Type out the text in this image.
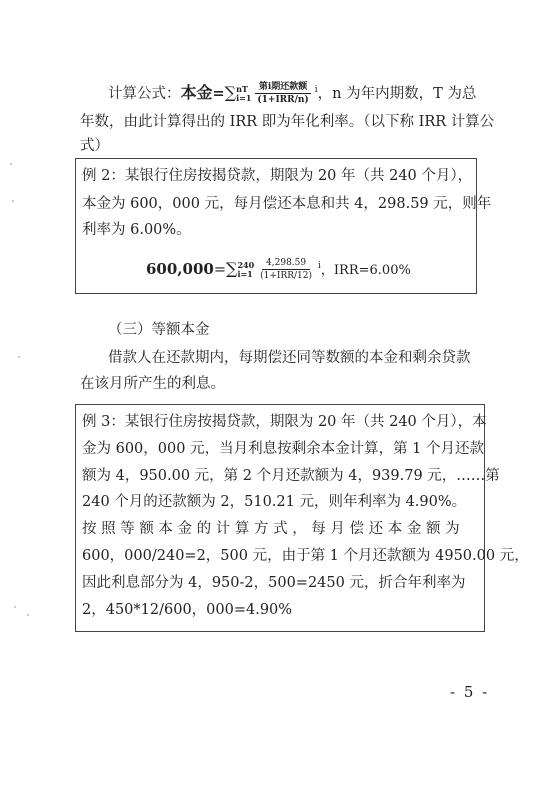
计算公式：本金=∑ nT
$i=1 \frac{\text{第i期还款额}}{\text{(1+IRR/n)}} ^i$，n 为年内期数，T 为总
年数，由此计算得出的 IRR 即为年化利率。（以下称 IRR 计算公
式）
例 2：某银行住房按揭贷款，期限为 20 年（共 240 个月），
本金为 600，000 元，每月偿还本息和共 4，298.59 元，则年
利率为 6.00%。
600,000=∑ 240
$i=1 \frac{4,298.59}{\text{(1+IRR/12)}} ^i$，IRR=6.00%
（三）等额本金
借款人在还款期内，每期偿还同等数额的本金和剩余贷款
在该月所产生的利息。
例 3：某银行住房按揭贷款，期限为 20 年（共 240 个月），本
金为 600，000 元，当月利息按剩余本金计算，第 1 个月还款
额为 4，950.00 元，第 2 个月还款额为 4，939.79 元，……第
240 个月的还款额为 2，510.21 元，则年利率为 4.90%。
按 照 等 额 本 金 的 计 算 方 式 ， 每 月 偿 还 本 金 额 为
600，000/240=2，500 元，由于第 1 个月还款额为 4950.00 元，
因此利息部分为 4，950-2，500=2450 元，折合年利率为
2，450*12/600，000=4.90%
- 5 -
